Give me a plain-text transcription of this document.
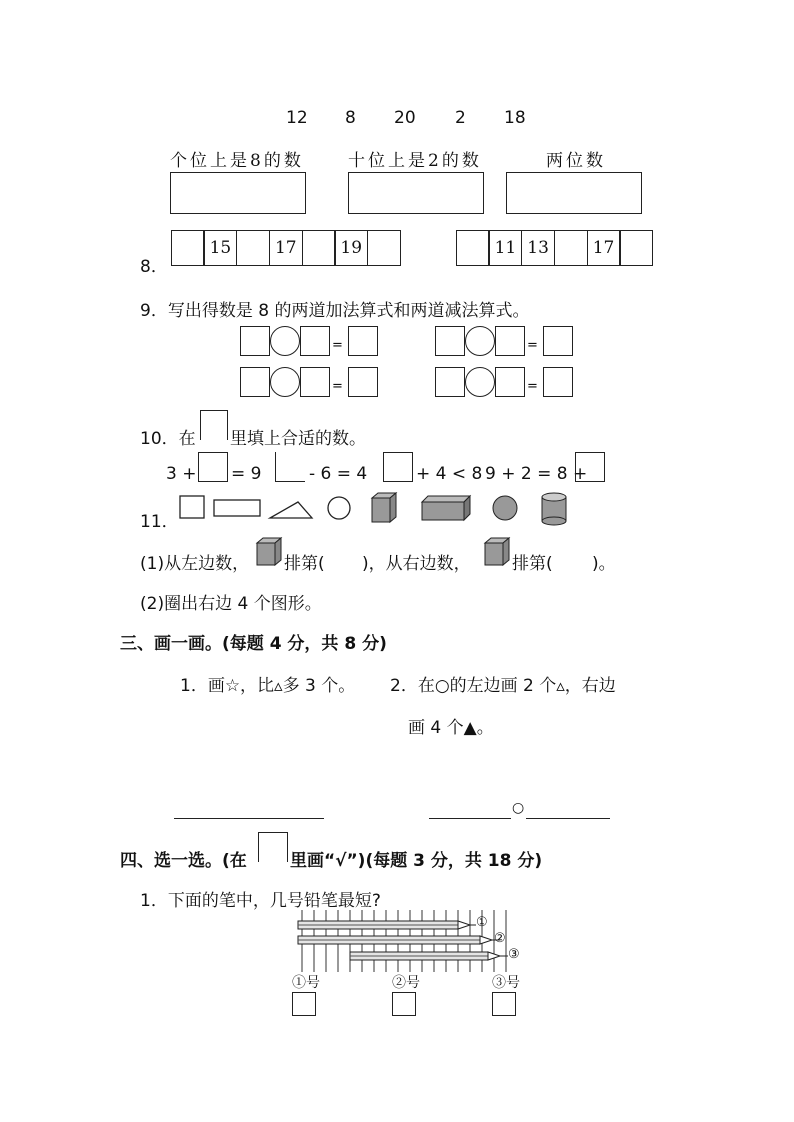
12 8 20 2 18
个位上是8的数	十位上是2的数	两位数
8．
15	17	19	11 13	17
9．写出得数是 8 的两道加法算式和两道减法算式。
=	=
=	=
10．在 里填上合适的数。
3 + = 9	- 6 = 4	+ 4 < 8 9 + 2 = 8 +
11．
(1)从左边数， 排第( )，从右边数， 排第( )。
(2)圈出右边 4 个图形。
三、画一画。(每题 4 分，共 8 分)
1．画☆，比▵多 3 个。 2．在○的左边画 2 个▵，右边
画 4 个▲。
○
四、选一选。(在	里画“√”)(每题 3 分，共 18 分)
1．下面的笔中，几号铅笔最短?
①
②
③
①号	②号	③号
